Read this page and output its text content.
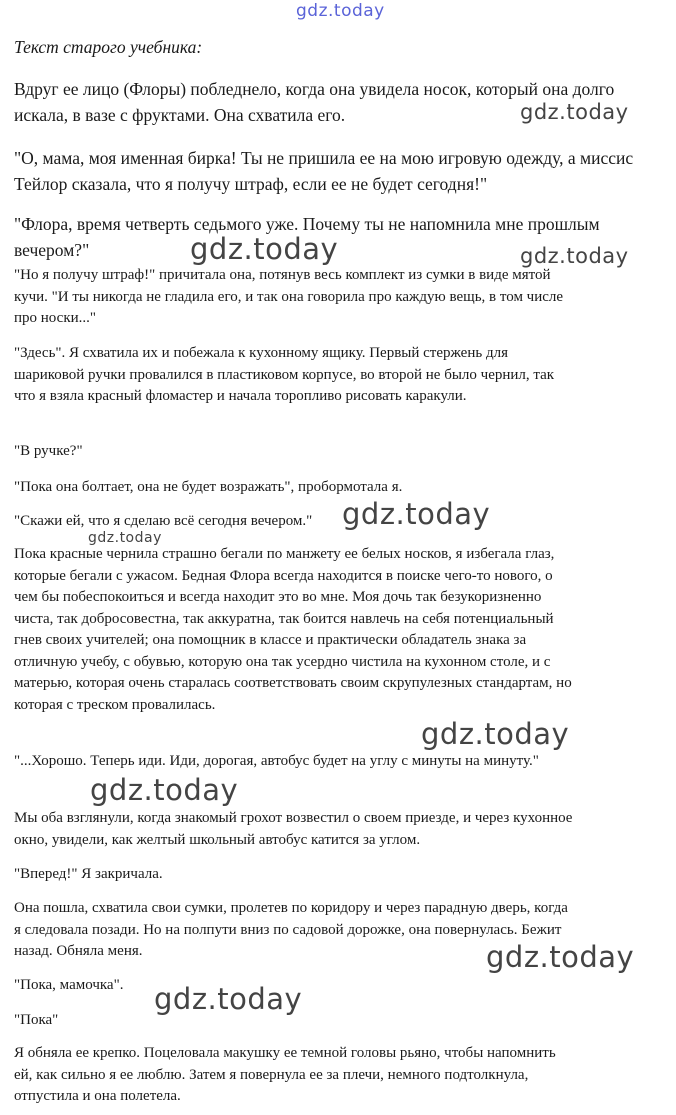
Текст старого учебника:

Вдруг ее лицо (Флоры) побледнело, когда она увидела носок, который она долго искала, в вазе с фруктами. Она схватила его.

"О, мама, моя именная бирка! Ты не пришила ее на мою игровую одежду, а миссис Тейлор сказала, что я получу штраф, если ее не будет сегодня!"

"Флора, время четверть седьмого уже. Почему ты не напомнила мне прошлым вечером?"

"Но я получу штраф!" причитала она, потянув весь комплект из сумки в виде мятой кучи. "И ты никогда не гладила его, и так она говорила про каждую вещь, в том числе про носки..."

"Здесь". Я схватила их и побежала к кухонному ящику. Первый стержень для шариковой ручки провалился в пластиковом корпусе, во второй не было чернил, так что я взяла красный фломастер и начала торопливо рисовать каракули.

"В ручке?"

"Пока она болтает, она не будет возражать", пробормотала я.

"Скажи ей, что я сделаю всё сегодня вечером."

Пока красные чернила страшно бегали по манжету ее белых носков, я избегала глаз, которые бегали с ужасом. Бедная Флора всегда находится в поиске чего-то нового, о чем бы побеспокоиться и всегда находит это во мне. Моя дочь так безукоризненно чиста, так добросовестна, так аккуратна, так боится навлечь на себя потенциальный гнев своих учителей; она помощник в классе и практически обладатель знака за отличную учебу, с обувью, которую она так усердно чистила на кухонном столе, и с матерью, которая очень старалась соответствовать своим скрупулезных стандартам, но которая с треском провалилась.

"...Хорошо. Теперь иди. Иди, дорогая, автобус будет на углу с минуты на минуту."

Мы оба взглянули, когда знакомый грохот возвестил о своем приезде, и через кухонное окно, увидели, как желтый школьный автобус катится за углом.

"Вперед!" Я закричала.

Она пошла, схватила свои сумки, пролетев по коридору и через парадную дверь, когда я следовала позади. Но на полпути вниз по садовой дорожке, она повернулась. Бежит назад. Обняла меня.

"Пока, мамочка".

"Пока"

Я обняла ее крепко. Поцеловала макушку ее темной головы рьяно, чтобы напомнить ей, как сильно я ее люблю. Затем я повернула ее за плечи, немного подтолкнула, отпустила и она полетела.

gdz.today
gdz.today
gdz.today	gdz.today
gdz.today
gdz.today
gdz.today
gdz.today
gdz.today
gdz.today
